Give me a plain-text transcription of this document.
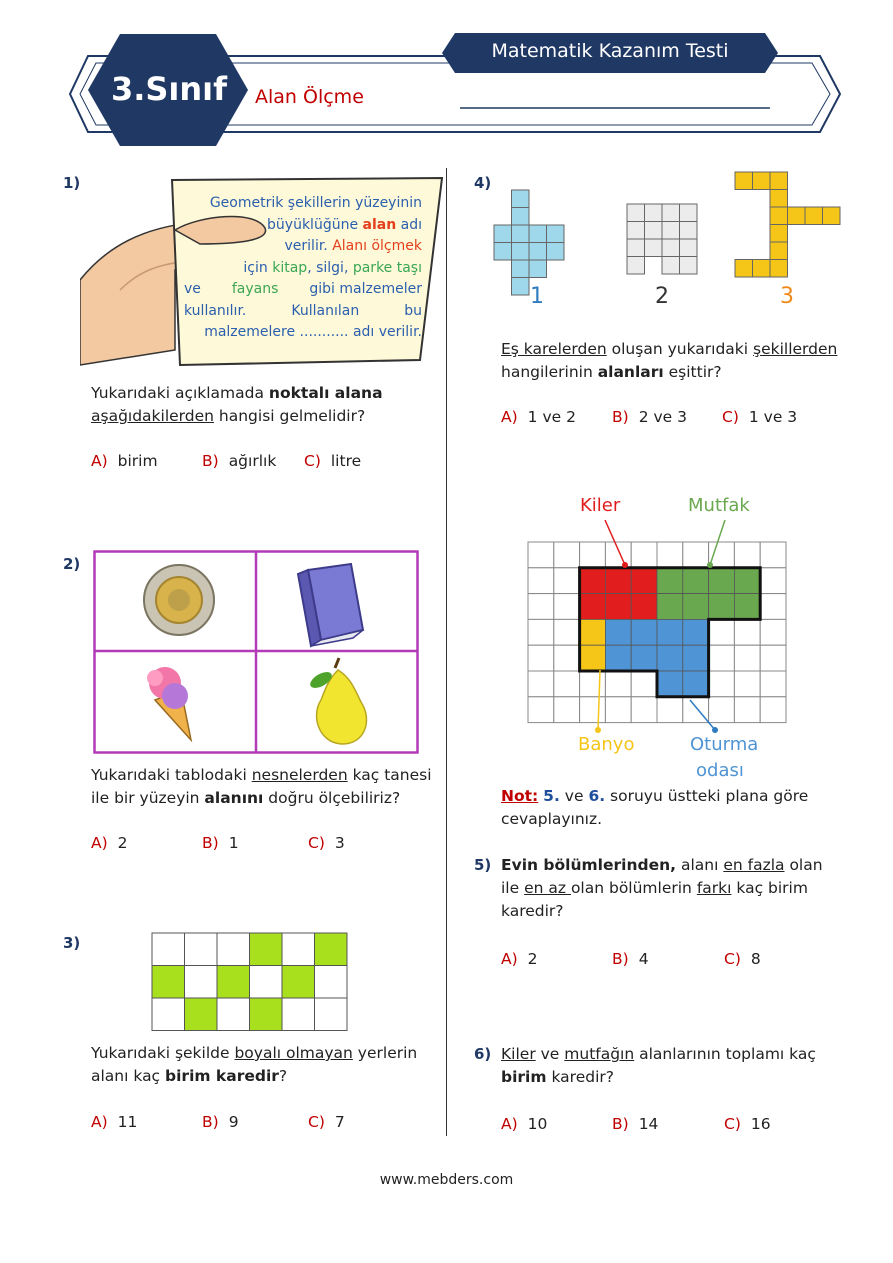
3.Sınıf
Matematik Kazanım Testi
Alan Ölçme
1)
Geometrik şekillerin yüzeyinin
büyüklüğüne alan adı
verilir. Alanı ölçmek
için kitap, silgi, parke taşı
ve fayans gibi malzemeler
kullanılır. Kullanılan bu
malzemelere ........... adı verilir.
Yukarıdaki açıklamada noktalı alana
aşağıdakilerden hangisi gelmelidir?
A) birim	B) ağırlık C) litre
2)
Yukarıdaki tablodaki nesnelerden kaç tanesi
ile bir yüzeyin alanını doğru ölçebiliriz?
A) 2	B) 1	C) 3
3)
Yukarıdaki şekilde boyalı olmayan yerlerin
alanı kaç birim karedir?
A) 11	B) 9	C) 7
4)
1	2	3
Eş karelerden oluşan yukarıdaki şekillerden
hangilerinin alanları eşittir?
A) 1 ve 2 B) 2 ve 3 C) 1 ve 3
Kiler	Mutfak
Banyo	Oturma
odası
Not: 5. ve 6. soruyu üstteki plana göre
cevaplayınız.
5) Evin bölümlerinden, alanı en fazla olan
ile en az olan bölümlerin farkı kaç birim
karedir?
A) 2	B) 4	C) 8
6) Kiler ve mutfağın alanlarının toplamı kaç
birim karedir?
A) 10	B) 14	C) 16
www.mebders.com
